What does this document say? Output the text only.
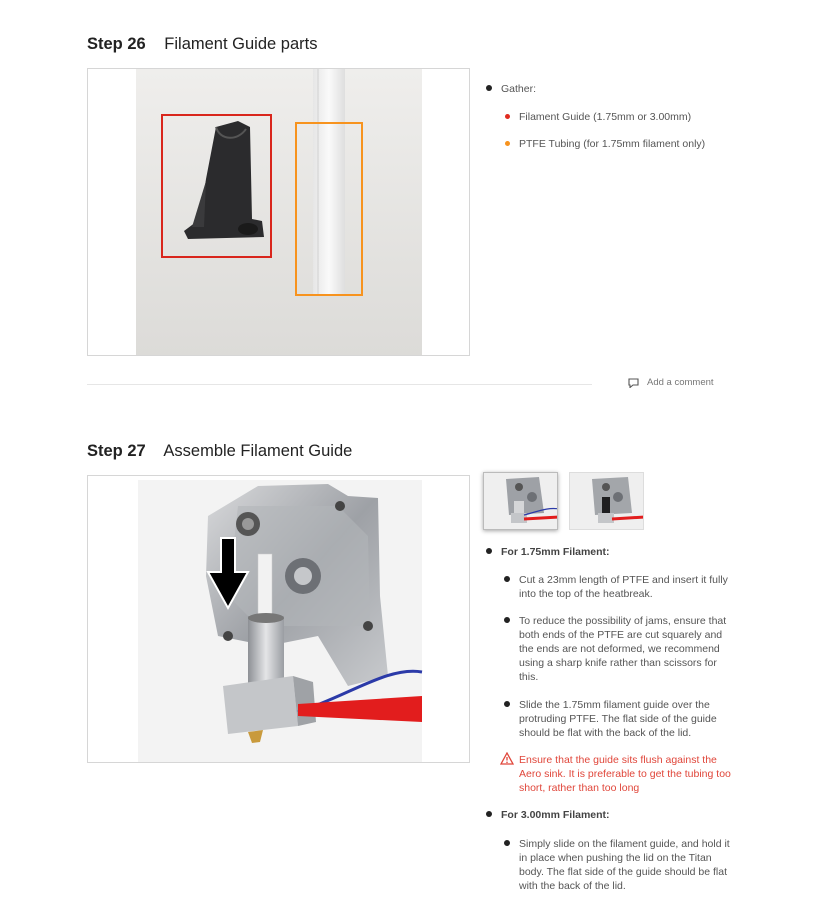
Step 26 Filament Guide parts
Gather:
Filament Guide (1.75mm or 3.00mm)
PTFE Tubing (for 1.75mm filament only)
Add a comment
Step 27 Assemble Filament Guide
For 1.75mm Filament:
Cut a 23mm length of PTFE and insert it fully into the top of the heatbreak.
To reduce the possibility of jams, ensure that both ends of the PTFE are cut squarely and the ends are not deformed, we recommend using a sharp knife rather than scissors for this.
Slide the 1.75mm filament guide over the protruding PTFE. The flat side of the guide should be flat with the back of the lid.
Ensure that the guide sits flush against the Aero sink. It is preferable to get the tubing too short, rather than too long
For 3.00mm Filament:
Simply slide on the filament guide, and hold it in place when pushing the lid on the Titan body. The flat side of the guide should be flat with the back of the lid.
